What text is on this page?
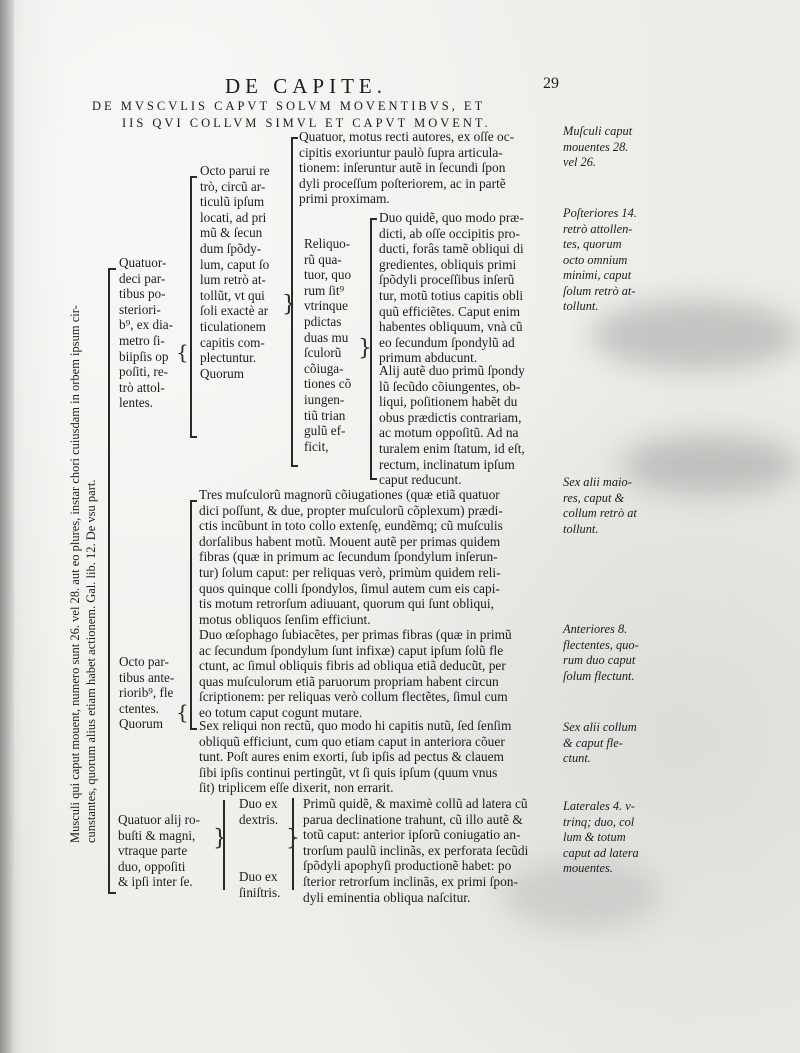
DE CAPITE.	29
DE MVSCVLIS CAPVT SOLVM MOVENTIBVS, ET
IIS QVI COLLVM SIMVL ET CAPVT MOVENT.
Musculi qui caput mouent, numero sunt 26. vel 28. aut eo plures, instar chori cuiusdam in orbem ipsum cir- cunstantes, quorum alius etiam habet actionem. Gal. lib. 12. De vsu part.
{
}
}
{
}	}
Quatuor-
deci par-
tibus po-
steriori-
b⁹, ex dia-
metro ſi-
biipſis op
poſiti, re-
trò attol-
lentes.
Octo par-
tibus ante-
riorib⁹, fle
ctentes.
Quorum
Quatuor alij ro-
buſti & magni,
vtraque parte
duo, oppoſiti
& ipſi inter ſe.
Octo parui re
trò, circũ ar-
ticulũ ipſum
locati, ad pri
mũ & ſecun
dum ſpõdy-
lum, caput ſo
lum retrò at-
tollũt, vt qui
ſoli exactè ar
ticulationem
capitis com-
plectuntur.
Quorum
Duo ex
dextris.
Duo ex
ſiniſtris.
Reliquo-
rũ qua-
tuor, quo
rum ſit⁹
vtrinque
pdictas
duas mu
ſculorũ
cõiuga-
tiones cõ
iungen-
tiũ trian
gulũ ef-
ficit,
Quatuor, motus recti autores, ex oſſe oc-
cipitis exoriuntur paulò ſupra articula-
tionem: inſeruntur autẽ in ſecundi ſpon
dyli proceſſum poſteriorem, ac in partẽ
primi proximam.
Duo quidẽ, quo modo præ-
dicti, ab oſſe occipitis pro-
ducti, forâs tamẽ obliqui di
gredientes, obliquis primi
ſpõdyli proceſſibus inſerũ
tur, motũ totius capitis obli
quũ efficiẽtes. Caput enim
habentes obliquum, vnà cũ
eo ſecundum ſpondylũ ad
primum abducunt.
Alij autẽ duo primũ ſpondy
lũ ſecũdo cõiungentes, ob-
liqui, poſitionem habẽt du
obus prædictis contrariam,
ac motum oppoſitũ. Ad na
turalem enim ſtatum, id eſt,
rectum, inclinatum ipſum
caput reducunt.
Tres muſculorũ magnorũ cõiugationes (quæ etiã quatuor
dici poſſunt, & due, propter muſculorũ cõplexum) prædi-
ctis incũbunt in toto collo extenſę, eundẽmq; cũ muſculis
dorſalibus habent motũ. Mouent autẽ per primas quidem
fibras (quæ in primum ac ſecundum ſpondylum inſerun-
tur) ſolum caput: per reliquas verò, primùm quidem reli-
quos quinque colli ſpondylos, ſimul autem cum eis capi-
tis motum retrorſum adiuuant, quorum qui ſunt obliqui,
motus obliquos ſenſim efficiunt.
Duo œſophago ſubiacẽtes, per primas fibras (quæ in primũ
ac ſecundum ſpondylum ſunt infixæ) caput ipſum ſolũ fle
ctunt, ac ſimul obliquis fibris ad obliqua etiã deducũt, per
quas muſculorum etiã paruorum propriam habent circun
ſcriptionem: per reliquas verò collum flectẽtes, ſimul cum
eo totum caput cogunt mutare.
Sex reliqui non rectũ, quo modo hi capitis nutũ, ſed ſenſim
obliquũ efficiunt, cum quo etiam caput in anteriora cõuer
tunt. Poſt aures enim exorti, ſub ipſis ad pectus & clauem
ſibi ipſis continui pertingũt, vt ſi quis ipſum (quum vnus
ſit) triplicem eſſe dixerit, non errarit.
Primũ quidẽ, & maximè collũ ad latera cũ
parua declinatione trahunt, cũ illo autẽ &
totũ caput: anterior ipſorũ coniugatio an-
trorſum paulũ inclinãs, ex perforata ſecũdi
ſpõdyli apophyſi productionẽ habet: po
ſterior retrorſum inclinãs, ex primi ſpon-
dyli eminentia obliqua naſcitur.
Muſculi caput
mouentes 28.
vel 26.
Poſteriores 14.
retrò attollen-
tes, quorum
octo omnium
minimi, caput
ſolum retrò at-
tollunt.
Sex alii maio-
res, caput &
collum retrò at
tollunt.
Anteriores 8.
flectentes, quo-
rum duo caput
ſolum flectunt.
Sex alii collum
& caput fle-
ctunt.
Laterales 4. v-
trinq; duo, col
lum & totum
caput ad latera
mouentes.
